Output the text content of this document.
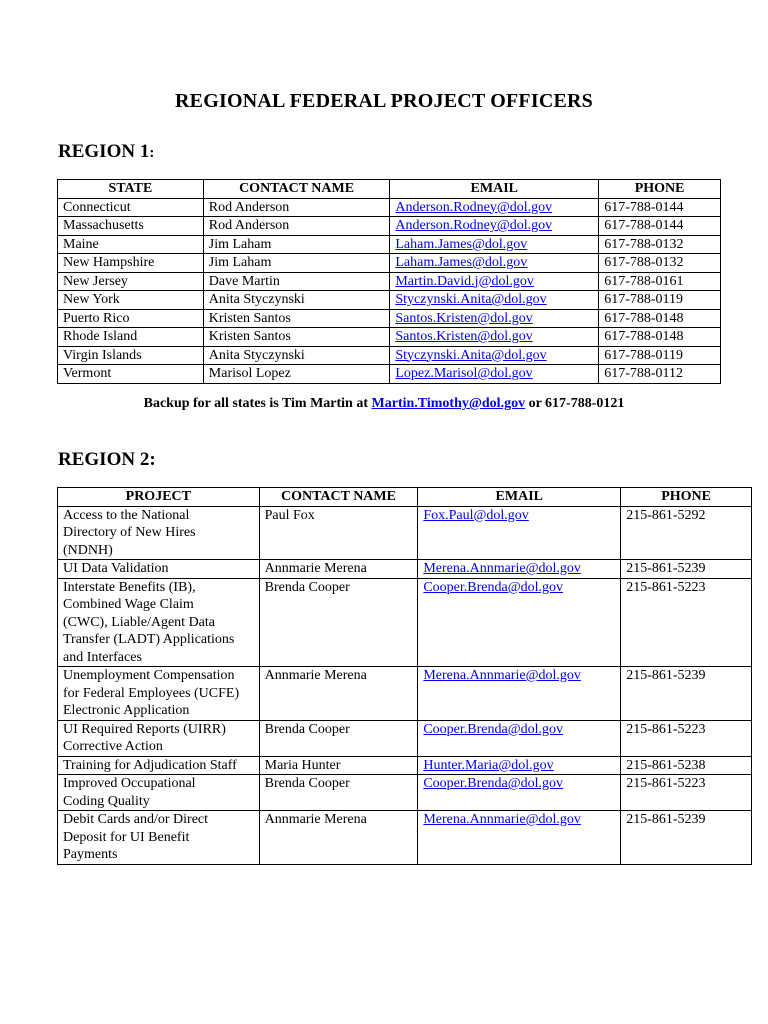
REGIONAL FEDERAL PROJECT OFFICERS
REGION 1:
STATE	CONTACT NAME	EMAIL	PHONE
Connecticut	Rod Anderson	Anderson.Rodney@dol.gov	617-788-0144
Massachusetts	Rod Anderson	Anderson.Rodney@dol.gov	617-788-0144
Maine	Jim Laham	Laham.James@dol.gov	617-788-0132
New Hampshire	Jim Laham	Laham.James@dol.gov	617-788-0132
New Jersey	Dave Martin	Martin.David.j@dol.gov	617-788-0161
New York	Anita Styczynski	Styczynski.Anita@dol.gov	617-788-0119
Puerto Rico	Kristen Santos	Santos.Kristen@dol.gov	617-788-0148
Rhode Island	Kristen Santos	Santos.Kristen@dol.gov	617-788-0148
Virgin Islands	Anita Styczynski	Styczynski.Anita@dol.gov	617-788-0119
Vermont	Marisol Lopez	Lopez.Marisol@dol.gov	617-788-0112
Backup for all states is Tim Martin at Martin.Timothy@dol.gov or 617-788-0121
REGION 2:
PROJECT	CONTACT NAME	EMAIL	PHONE

Access to the National
Directory of New Hires
(NDNH)	Paul Fox	Fox.Paul@dol.gov	215-861-5292

UI Data Validation	Annmarie Merena	Merena.Annmarie@dol.gov	215-861-5239

Interstate Benefits (IB),
Combined Wage Claim
(CWC), Liable/Agent Data
Transfer (LADT) Applications
and Interfaces	Brenda Cooper	Cooper.Brenda@dol.gov	215-861-5223

Unemployment Compensation
for Federal Employees (UCFE)
Electronic Application	Annmarie Merena	Merena.Annmarie@dol.gov	215-861-5239

UI Required Reports (UIRR)
Corrective Action	Brenda Cooper	Cooper.Brenda@dol.gov	215-861-5223

Training for Adjudication Staff	Maria Hunter	Hunter.Maria@dol.gov	215-861-5238

Improved Occupational
Coding Quality	Brenda Cooper	Cooper.Brenda@dol.gov	215-861-5223

Debit Cards and/or Direct
Deposit for UI Benefit
Payments	Annmarie Merena	Merena.Annmarie@dol.gov	215-861-5239
